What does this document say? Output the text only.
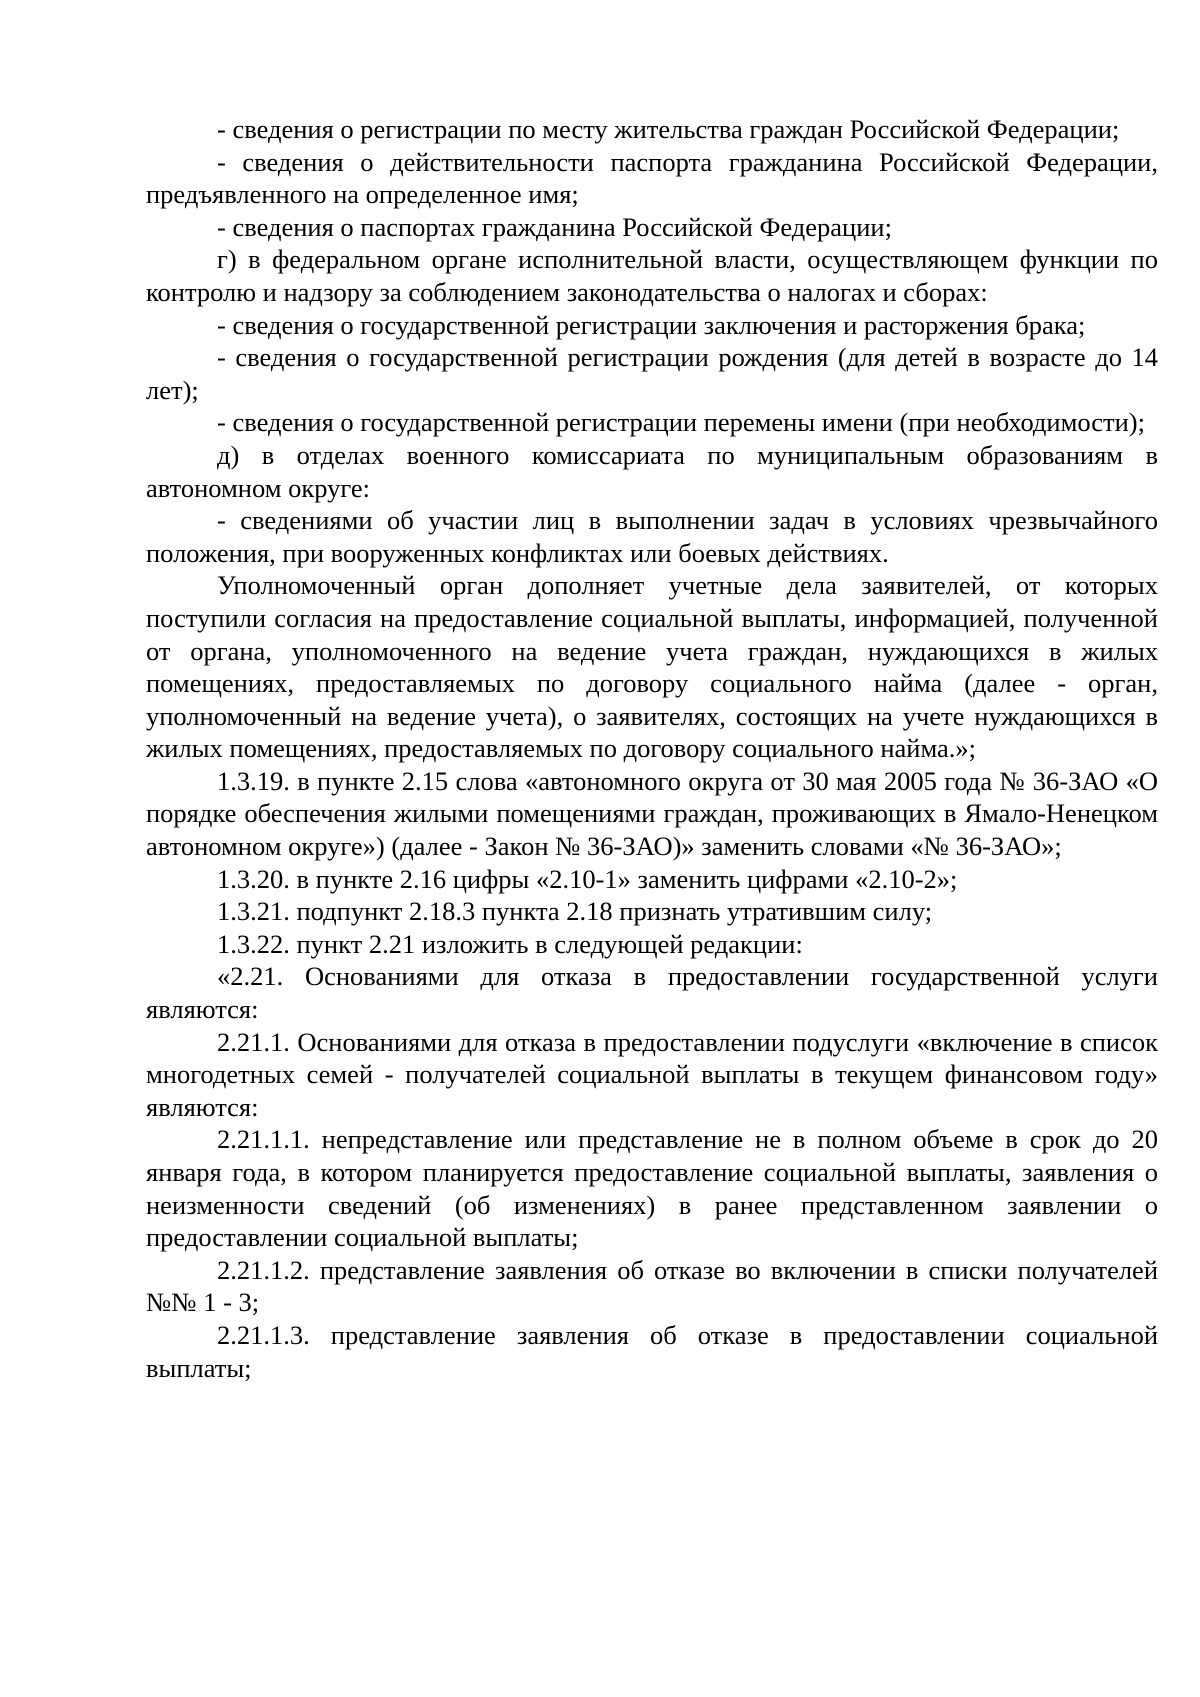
- сведения о регистрации по месту жительства граждан Российской Федерации;

- сведения о действительности паспорта гражданина Российской Федерации, предъявленного на определенное имя;

- сведения о паспортах гражданина Российской Федерации;

г) в федеральном органе исполнительной власти, осуществляющем функции по контролю и надзору за соблюдением законодательства о налогах и сборах:

- сведения о государственной регистрации заключения и расторжения брака;

- сведения о государственной регистрации рождения (для детей в возрасте до 14 лет);

- сведения о государственной регистрации перемены имени (при необходимости);

д) в отделах военного комиссариата по муниципальным образованиям в автономном округе:

- сведениями об участии лиц в выполнении задач в условиях чрезвычайного положения, при вооруженных конфликтах или боевых действиях.

Уполномоченный орган дополняет учетные дела заявителей, от которых поступили согласия на предоставление социальной выплаты, информацией, полученной от органа, уполномоченного на ведение учета граждан, нуждающихся в жилых помещениях, предоставляемых по договору социального найма (далее - орган, уполномоченный на ведение учета), о заявителях, состоящих на учете нуждающихся в жилых помещениях, предоставляемых по договору социального найма.»;

1.3.19. в пункте 2.15 слова «автономного округа от 30 мая 2005 года № 36-ЗАО «О порядке обеспечения жилыми помещениями граждан, проживающих в Ямало-Ненецком автономном округе») (далее - Закон № 36-ЗАО)» заменить словами «№ 36-ЗАО»;

1.3.20. в пункте 2.16 цифры «2.10-1» заменить цифрами «2.10-2»;

1.3.21. подпункт 2.18.3 пункта 2.18 признать утратившим силу;

1.3.22. пункт 2.21 изложить в следующей редакции:

«2.21. Основаниями для отказа в предоставлении государственной услуги являются:

2.21.1. Основаниями для отказа в предоставлении подуслуги «включение в список многодетных семей - получателей социальной выплаты в текущем финансовом году» являются:

2.21.1.1. непредставление или представление не в полном объеме в срок до 20 января года, в котором планируется предоставление социальной выплаты, заявления о неизменности сведений (об изменениях) в ранее представленном заявлении о предоставлении социальной выплаты;

2.21.1.2. представление заявления об отказе во включении в списки получателей №№ 1 - 3;

2.21.1.3. представление заявления об отказе в предоставлении социальной выплаты;
